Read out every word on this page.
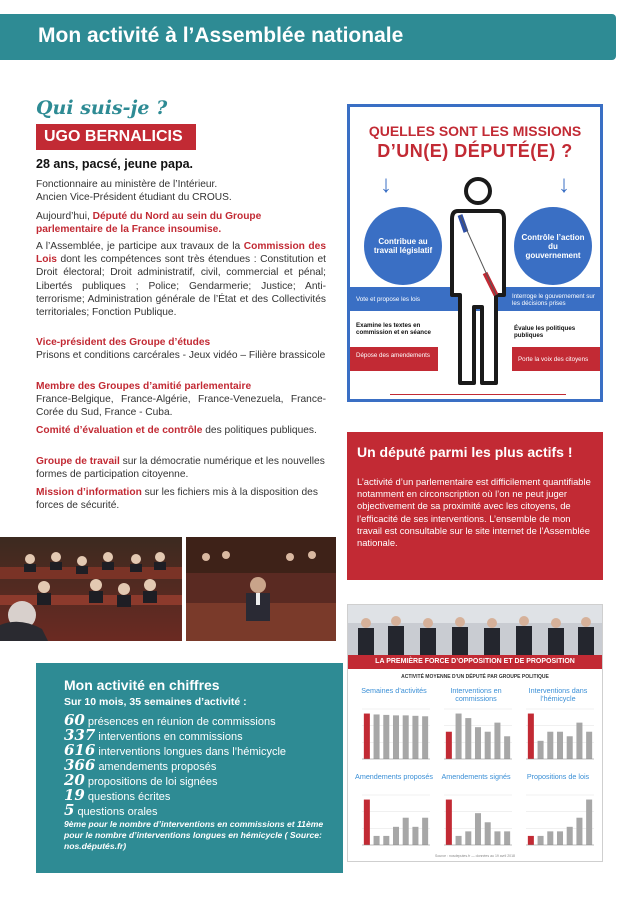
Mon activité à l’Assemblée nationale
Qui suis-je ?
UGO BERNALICIS
28 ans, pacsé, jeune papa.
Fonctionnaire au ministère de l’Intérieur.
Ancien Vice-Président étudiant du CROUS.
Aujourd’hui, Député du Nord au sein du Groupe parlementaire de la France insoumise.
A l’Assemblée, je participe aux travaux de la Commission des Lois dont les compétences sont très étendues : Constitution et Droit électoral; Droit administratif, civil, commercial et pénal; Libertés publiques ; Police; Gendarmerie; Justice; Anti-terrorisme; Administration générale de l’État et des Collectivités territoriales; Fonction Publique.
Vice-président des Groupe d’études
Prisons et conditions carcérales - Jeux vidéo – Filière brassicole
Membre des Groupes d’amitié parlementaire
France-Belgique, France-Algérie, France-Venezuela, France-Corée du Sud, France - Cuba.
Comité d’évaluation et de contrôle des politiques publiques.
Groupe de travail sur la démocratie numérique et les nouvelles formes de participation citoyenne.
Mission d’information sur les fichiers mis à la disposition des forces de sécurité.
QUELLES SONT LES MISSIONS
D’UN(E) DÉPUTÉ(E) ?
↓	↓
Contribue au travail législatif
Contrôle l’action du gouvernement
Vote et propose les lois	Interroge le gouvernement sur les décisions prises
Examine les textes en commission et en séance
Évalue les politiques publiques
Dépose des amendements
Porte la voix des citoyens
Un député parmi les plus actifs !

L’activité d’un parlementaire est difficilement quantifiable notamment en circonscription où l’on ne peut juger objectivement de sa proximité avec les citoyens, de l’efficacité de ses interventions. L’ensemble de mon travail est consultable sur le site internet de l’Assemblée nationale.

Mon activité en chiffres
Sur 10 mois, 35 semaines d’activité :
60 présences en réunion de commissions
337 interventions en commissions
616 interventions longues dans l’hémicycle
366 amendements proposés
20 propositions de loi signées
19 questions écrites
5 questions orales
9ème pour le nombre d’interventions en commissions et 11ème pour le nombre d’interventions longues en hémicycle ( Source: nos.députés.fr)
LA PREMIÈRE FORCE D’OPPOSITION ET DE PROPOSITION
ACTIVITÉ MOYENNE D’UN DÉPUTÉ PAR GROUPE POLITIQUE
Semaines d’activités	Interventions en commissions
Interventions dans l’hémicycle
Amendements proposés	Amendements signés	Propositions de lois
Source : nosdeputes.fr — données au 19 avril 2018
